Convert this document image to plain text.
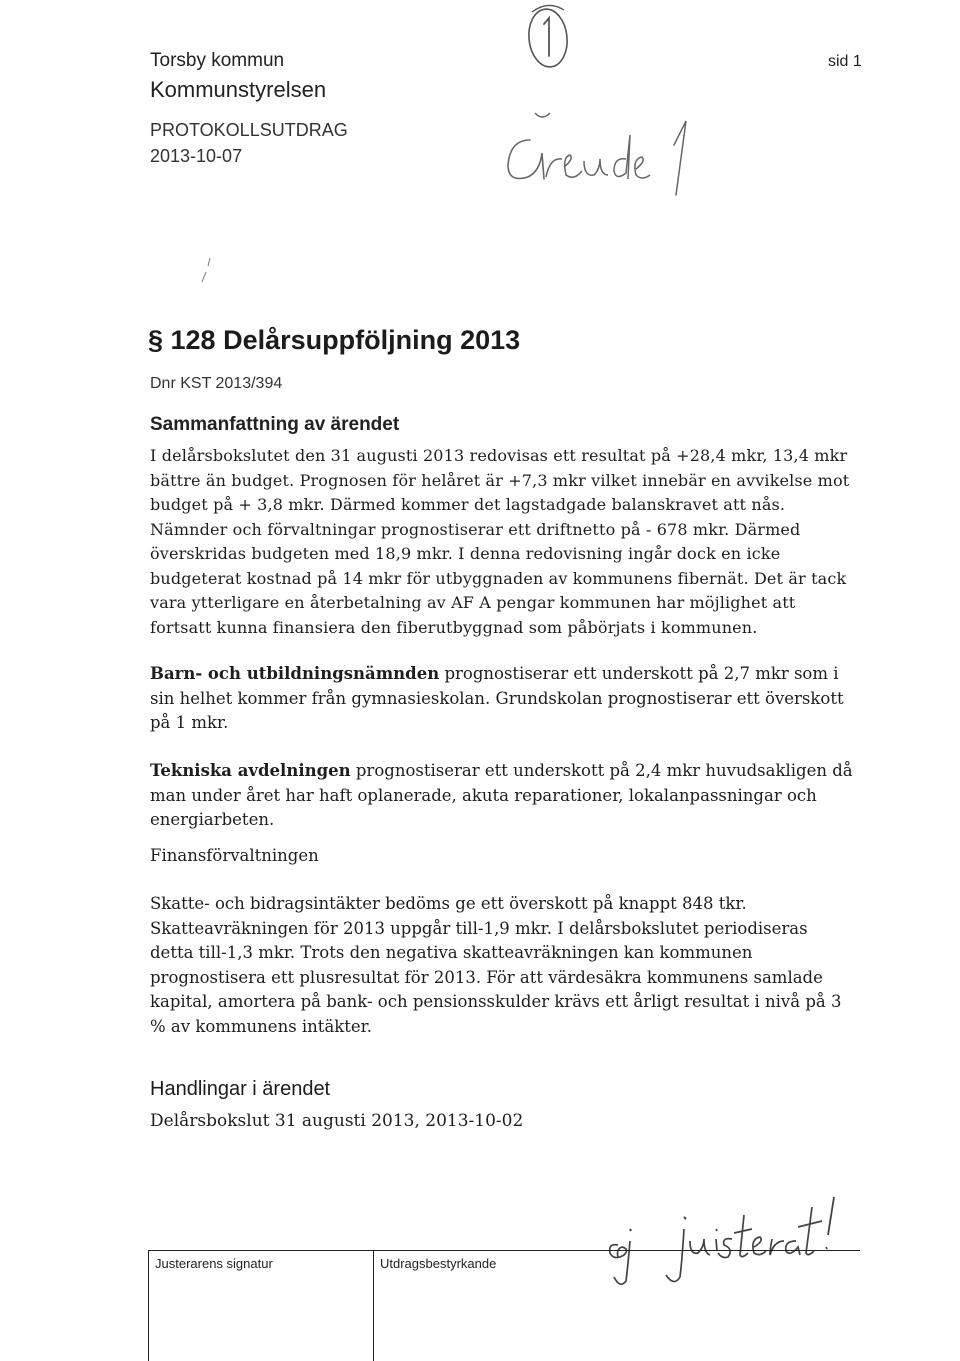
Torsby kommun
Kommunstyrelsen
sid 1
PROTOKOLLSUTDRAG
2013-10-07
§ 128 Delårsuppföljning 2013
Dnr KST 2013/394
Sammanfattning av ärendet
I delårsbokslutet den 31 augusti 2013 redovisas ett resultat på +28,4 mkr, 13,4 mkr bättre än budget. Prognosen för helåret är +7,3 mkr vilket innebär en avvikelse mot budget på + 3,8 mkr. Därmed kommer det lagstadgade balanskravet att nås. Nämnder och förvaltningar prognostiserar ett driftnetto på - 678 mkr. Därmed överskridas budgeten med 18,9 mkr. I denna redovisning ingår dock en icke budgeterat kostnad på 14 mkr för utbyggnaden av kommunens fibernät. Det är tack vara ytterligare en återbetalning av AF A pengar kommunen har möjlighet att fortsatt kunna finansiera den fiberutbyggnad som påbörjats i kommunen.
Barn- och utbildningsnämnden prognostiserar ett underskott på 2,7 mkr som i sin helhet kommer från gymnasieskolan. Grundskolan prognostiserar ett överskott på 1 mkr.
Tekniska avdelningen prognostiserar ett underskott på 2,4 mkr huvudsakligen då man under året har haft oplanerade, akuta reparationer, lokalanpassningar och energiarbeten.
Finansförvaltningen
Skatte- och bidragsintäkter bedöms ge ett överskott på knappt 848 tkr. Skatteavräkningen för 2013 uppgår till-1,9 mkr. I delårsbokslutet periodiseras detta till-1,3 mkr. Trots den negativa skatteavräkningen kan kommunen prognostisera ett plusresultat för 2013. För att värdesäkra kommunens samlade kapital, amortera på bank- och pensionsskulder krävs ett årligt resultat i nivå på 3 % av kommunens intäkter.
Handlingar i ärendet
Delårsbokslut 31 augusti 2013, 2013-10-02
Justerarens signatur	Utdragsbestyrkande
